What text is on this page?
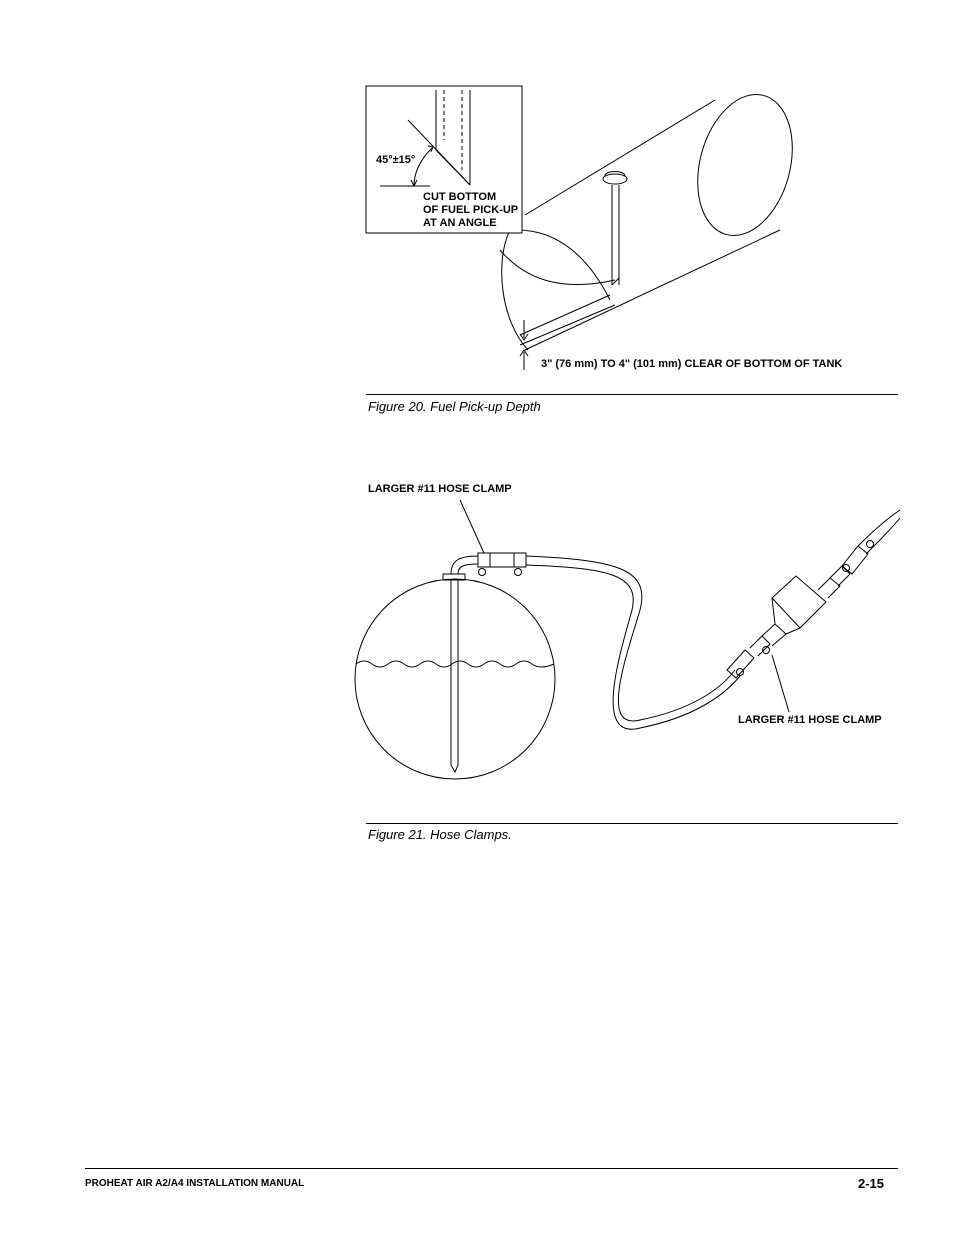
45°±15°
CUT BOTTOM
OF FUEL PICK-UP
AT AN ANGLE
3" (76 mm) TO 4" (101 mm) CLEAR OF BOTTOM OF TANK
Figure 20. Fuel Pick-up Depth
LARGER #11 HOSE CLAMP
LARGER #11 HOSE CLAMP
Figure 21. Hose Clamps.
PROHEAT AIR A2/A4 INSTALLATION MANUAL	2-15
